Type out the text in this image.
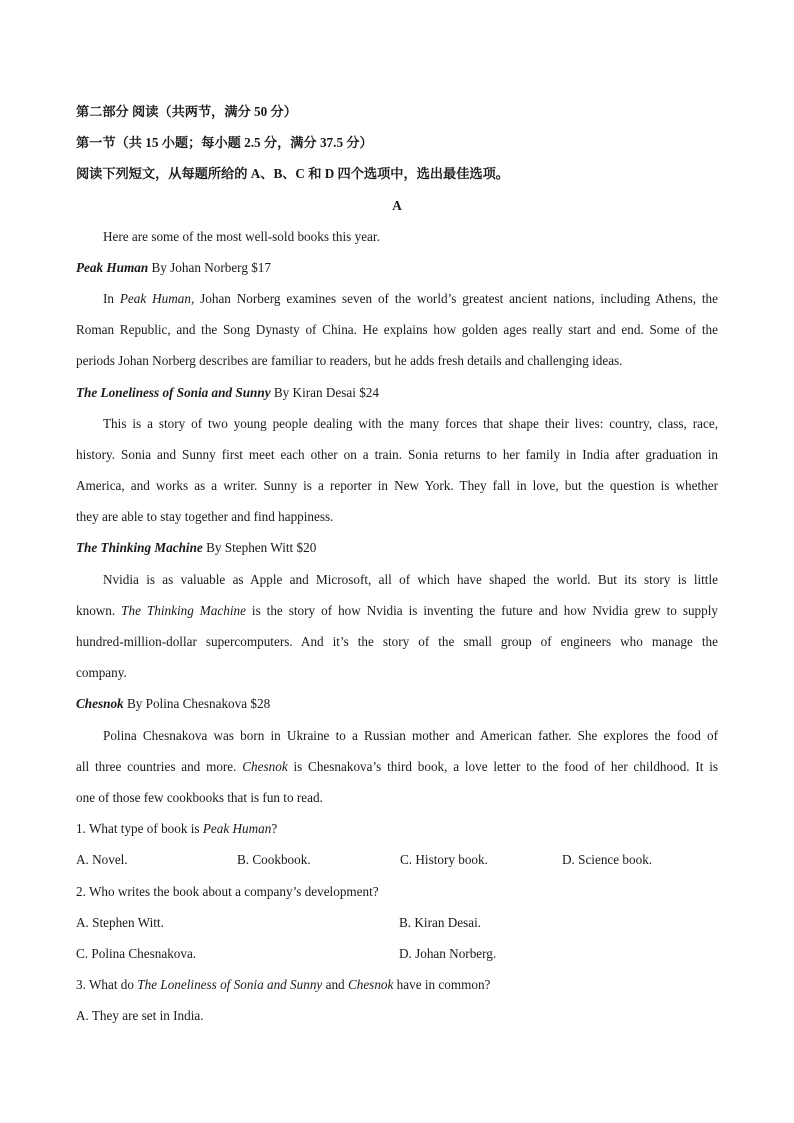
第二部分 阅读（共两节，满分 50 分）
第一节（共 15 小题；每小题 2.5 分，满分 37.5 分）
阅读下列短文，从每题所给的 A、B、C 和 D 四个选项中，选出最佳选项。
A
Here are some of the most well-sold books this year.
Peak Human By Johan Norberg $17
In Peak Human, Johan Norberg examines seven of the world’s greatest ancient nations, including Athens, the
Roman Republic, and the Song Dynasty of China. He explains how golden ages really start and end. Some of the
periods Johan Norberg describes are familiar to readers, but he adds fresh details and challenging ideas.
The Loneliness of Sonia and Sunny By Kiran Desai $24
This is a story of two young people dealing with the many forces that shape their lives: country, class, race,
history. Sonia and Sunny first meet each other on a train. Sonia returns to her family in India after graduation in
America, and works as a writer. Sunny is a reporter in New York. They fall in love, but the question is whether
they are able to stay together and find happiness.
The Thinking Machine By Stephen Witt $20
Nvidia is as valuable as Apple and Microsoft, all of which have shaped the world. But its story is little
known. The Thinking Machine is the story of how Nvidia is inventing the future and how Nvidia grew to supply
hundred-million-dollar supercomputers. And it’s the story of the small group of engineers who manage the
company.
Chesnok By Polina Chesnakova $28
Polina Chesnakova was born in Ukraine to a Russian mother and American father. She explores the food of
all three countries and more. Chesnok is Chesnakova’s third book, a love letter to the food of her childhood. It is
one of those few cookbooks that is fun to read.
1. What type of book is Peak Human?
A. Novel.	B. Cookbook.	C. History book.	D. Science book.
2. Who writes the book about a company’s development?
A. Stephen Witt.	B. Kiran Desai.
C. Polina Chesnakova.	D. Johan Norberg.
3. What do The Loneliness of Sonia and Sunny and Chesnok have in common?
A. They are set in India.
